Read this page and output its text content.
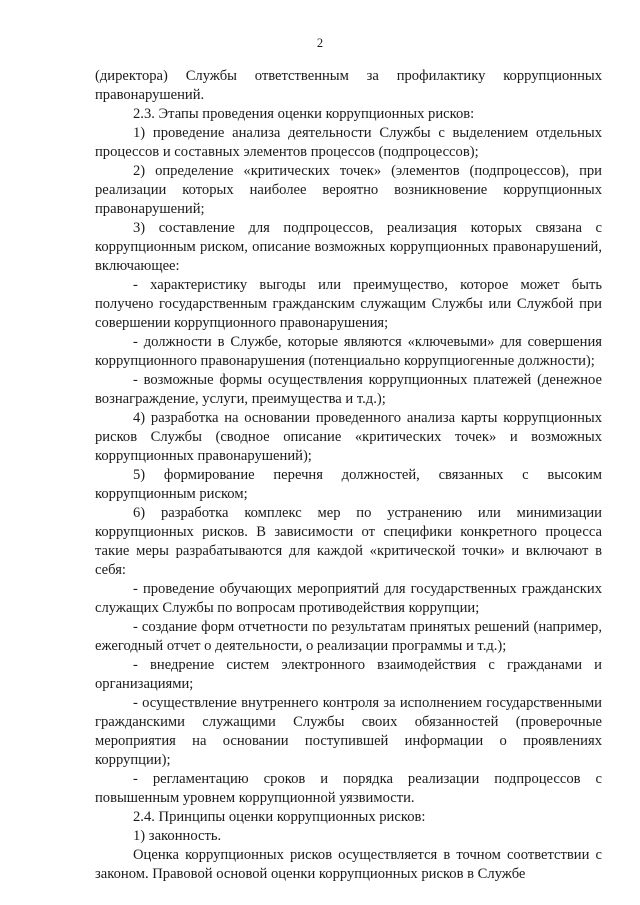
2

(директора) Службы ответственным за профилактику коррупционных правонарушений.

2.3. Этапы проведения оценки коррупционных рисков:

1) проведение анализа деятельности Службы с выделением отдельных процессов и составных элементов процессов (подпроцессов);

2) определение «критических точек» (элементов (подпроцессов), при реализации которых наиболее вероятно возникновение коррупционных правонарушений;

3) составление для подпроцессов, реализация которых связана с коррупционным риском, описание возможных коррупционных правонарушений, включающее:

- характеристику выгоды или преимущество, которое может быть получено государственным гражданским служащим Службы или Службой при совершении коррупционного правонарушения;

- должности в Службе, которые являются «ключевыми» для совершения коррупционного правонарушения (потенциально коррупциогенные должности);

- возможные формы осуществления коррупционных платежей (денежное вознаграждение, услуги, преимущества и т.д.);

4) разработка на основании проведенного анализа карты коррупционных рисков Службы (сводное описание «критических точек» и возможных коррупционных правонарушений);

5) формирование перечня должностей, связанных с высоким коррупционным риском;

6) разработка комплекс мер по устранению или минимизации коррупционных рисков. В зависимости от специфики конкретного процесса такие меры разрабатываются для каждой «критической точки» и включают в себя:

- проведение обучающих мероприятий для государственных гражданских служащих Службы по вопросам противодействия коррупции;

- создание форм отчетности по результатам принятых решений (например, ежегодный отчет о деятельности, о реализации программы и т.д.);

- внедрение систем электронного взаимодействия с гражданами и организациями;

- осуществление внутреннего контроля за исполнением государственными гражданскими служащими Службы своих обязанностей (проверочные мероприятия на основании поступившей информации о проявлениях коррупции);

- регламентацию сроков и порядка реализации подпроцессов с повышенным уровнем коррупционной уязвимости.

2.4. Принципы оценки коррупционных рисков:

1) законность.

Оценка коррупционных рисков осуществляется в точном соответствии с законом. Правовой основой оценки коррупционных рисков в Службе
